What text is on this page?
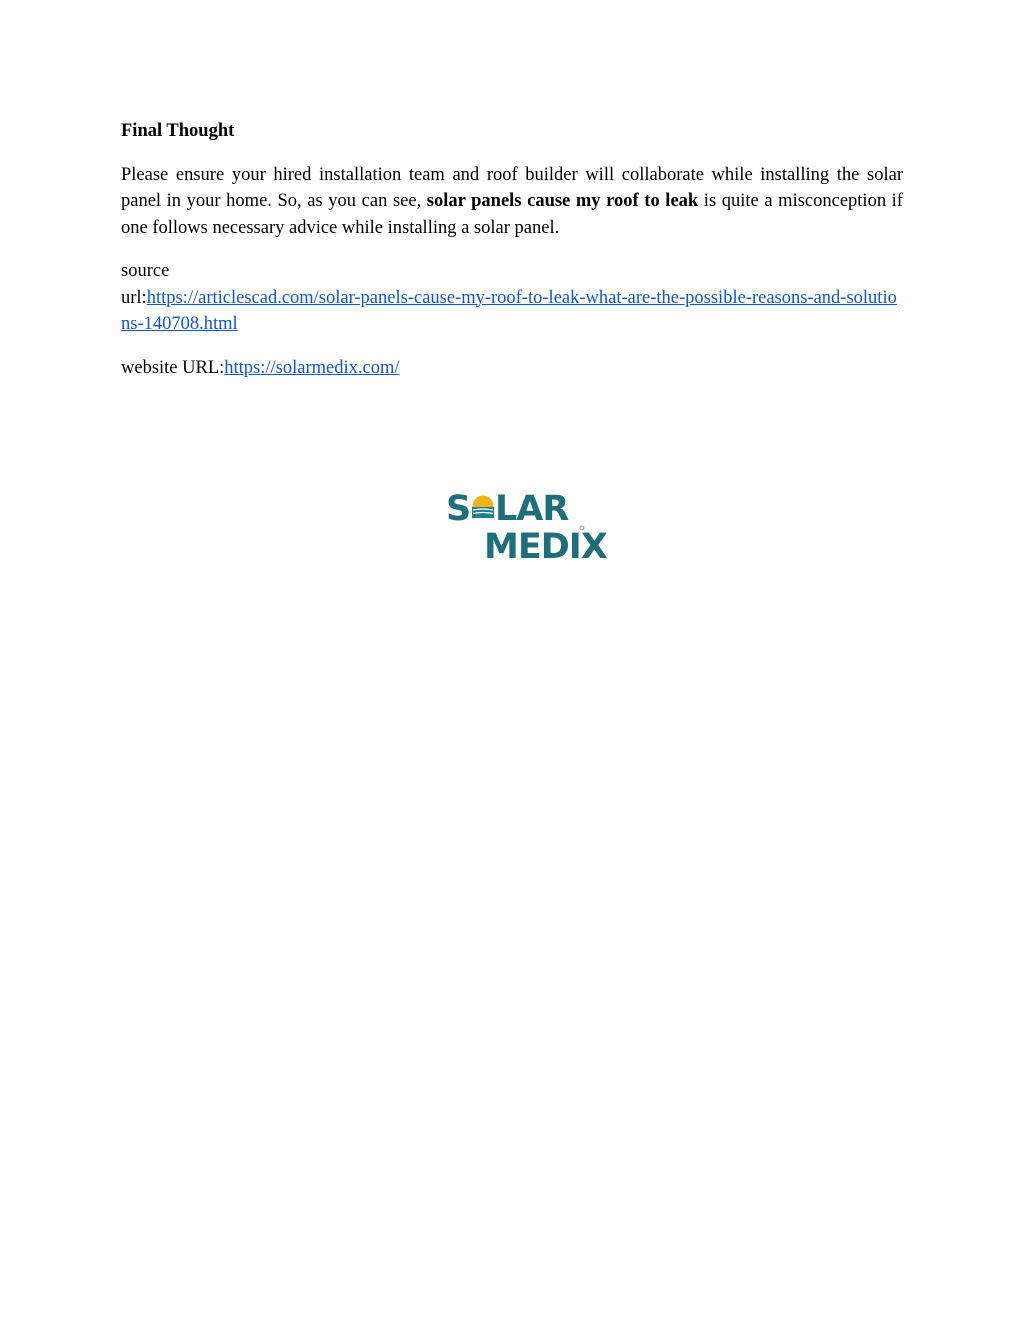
Final Thought

Please ensure your hired installation team and roof builder will collaborate while installing the solar panel in your home. So, as you can see, solar panels cause my roof to leak is quite a misconception if one follows necessary advice while installing a solar panel.

source
url:https://articlescad.com/solar-panels-cause-my-roof-to-leak-what-are-the-possible-reasons-and-solutions-140708.html
website URL:https://solarmedix.com/
S LAR
MEDIX
